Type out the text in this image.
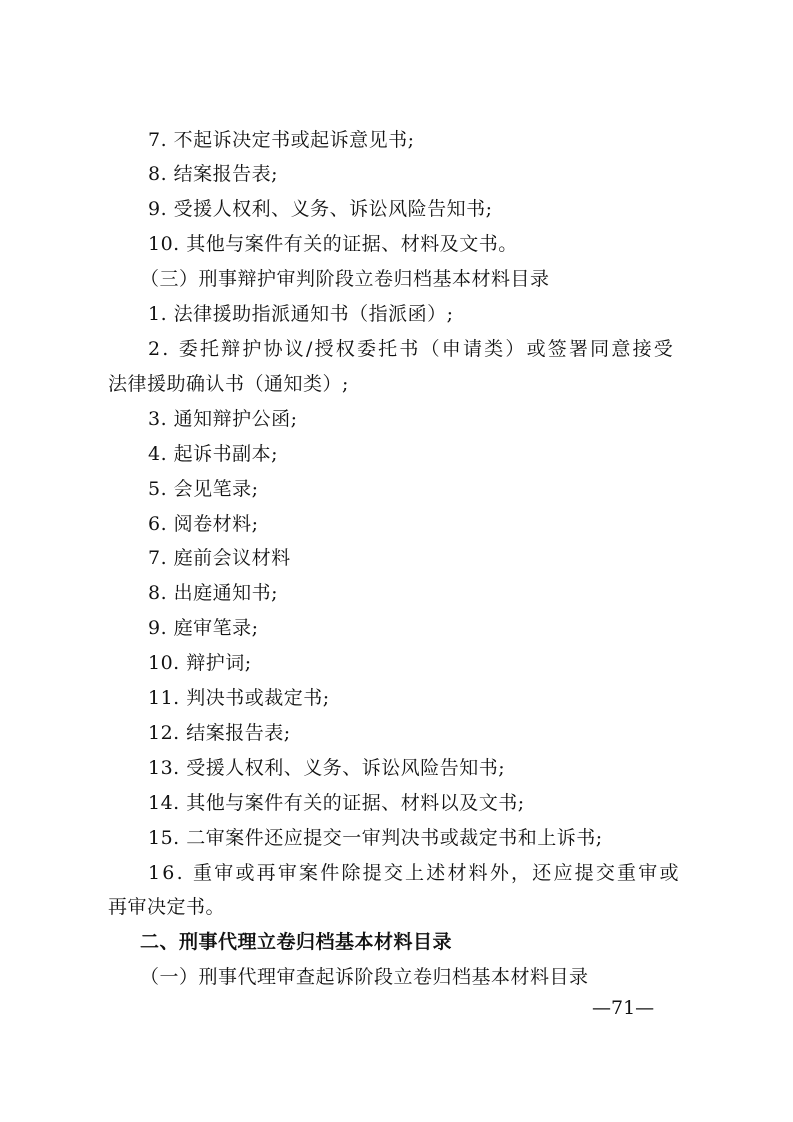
7. 不起诉决定书或起诉意见书;
8. 结案报告表;
9. 受援人权利、义务、诉讼风险告知书;
10. 其他与案件有关的证据、材料及文书。
（三）刑事辩护审判阶段立卷归档基本材料目录
1. 法律援助指派通知书（指派函）;
2. 委托辩护协议/授权委托书（申请类）或签署同意接受
法律援助确认书（通知类）;
3. 通知辩护公函;
4. 起诉书副本;
5. 会见笔录;
6. 阅卷材料;
7. 庭前会议材料
8. 出庭通知书;
9. 庭审笔录;
10. 辩护词;
11. 判决书或裁定书;
12. 结案报告表;
13. 受援人权利、义务、诉讼风险告知书;
14. 其他与案件有关的证据、材料以及文书;
15. 二审案件还应提交一审判决书或裁定书和上诉书;
16. 重审或再审案件除提交上述材料外，还应提交重审或
再审决定书。
二、刑事代理立卷归档基本材料目录
（一）刑事代理审查起诉阶段立卷归档基本材料目录
—71—
